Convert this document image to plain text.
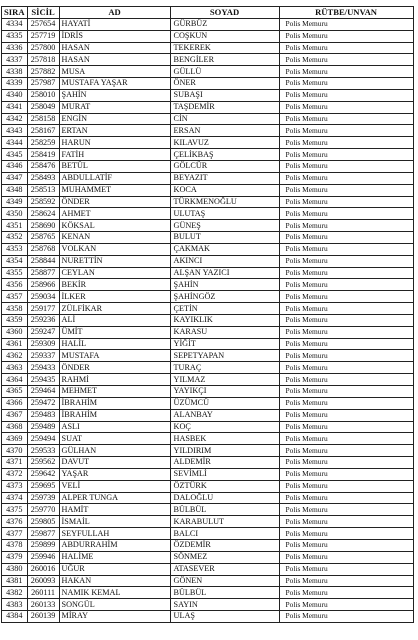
SIRA	SİCİL	AD	SOYAD	RÜTBE/UNVAN
4334	257654	HAYATİ	GÜRBÜZ	Polis Memuru
4335	257719	İDRİS	COŞKUN	Polis Memuru
4336	257800	HASAN	TEKEREK	Polis Memuru
4337	257818	HASAN	BENGİLER	Polis Memuru
4338	257882	MUSA	GÜLLÜ	Polis Memuru
4339	257987	MUSTAFA YAŞAR	ÖNER	Polis Memuru
4340	258010	ŞAHİN	SUBAŞI	Polis Memuru
4341	258049	MURAT	TAŞDEMİR	Polis Memuru
4342	258158	ENGİN	CİN	Polis Memuru
4343	258167	ERTAN	ERSAN	Polis Memuru
4344	258259	HARUN	KILAVUZ	Polis Memuru
4345	258419	FATİH	ÇELİKBAŞ	Polis Memuru
4346	258476	BETÜL	GÖLCÜR	Polis Memuru
4347	258493	ABDULLATİF	BEYAZIT	Polis Memuru
4348	258513	MUHAMMET	KOCA	Polis Memuru
4349	258592	ÖNDER	TÜRKMENOĞLU	Polis Memuru
4350	258624	AHMET	ULUTAŞ	Polis Memuru
4351	258690	KÖKSAL	GÜNEŞ	Polis Memuru
4352	258765	KENAN	BULUT	Polis Memuru
4353	258768	VOLKAN	ÇAKMAK	Polis Memuru
4354	258844	NURETTİN	AKINCI	Polis Memuru
4355	258877	CEYLAN	ALŞAN YAZICI	Polis Memuru
4356	258966	BEKİR	ŞAHİN	Polis Memuru
4357	259034	İLKER	ŞAHİNGÖZ	Polis Memuru
4358	259177	ZÜLFİKAR	ÇETİN	Polis Memuru
4359	259236	ALİ	KAYIKLIK	Polis Memuru
4360	259247	ÜMİT	KARASU	Polis Memuru
4361	259309	HALİL	YİĞİT	Polis Memuru
4362	259337	MUSTAFA	SEPETYAPAN	Polis Memuru
4363	259433	ÖNDER	TURAÇ	Polis Memuru
4364	259435	RAHMİ	YILMAZ	Polis Memuru
4365	259464	MEHMET	YAYIKÇI	Polis Memuru
4366	259472	İBRAHİM	ÜZÜMCÜ	Polis Memuru
4367	259483	İBRAHİM	ALANBAY	Polis Memuru
4368	259489	ASLI	KOÇ	Polis Memuru
4369	259494	SUAT	HASBEK	Polis Memuru
4370	259533	GÜLHAN	YILDIRIM	Polis Memuru
4371	259562	DAVUT	ALDEMİR	Polis Memuru
4372	259642	YAŞAR	SEVİMLİ	Polis Memuru
4373	259695	VELİ	ÖZTÜRK	Polis Memuru
4374	259739	ALPER TUNGA	DALOĞLU	Polis Memuru
4375	259770	HAMİT	BÜLBÜL	Polis Memuru
4376	259805	İSMAİL	KARABULUT	Polis Memuru
4377	259877	SEYFULLAH	BALCI	Polis Memuru
4378	259899	ABDURRAHİM	ÖZDEMİR	Polis Memuru
4379	259946	HALİME	SÖNMEZ	Polis Memuru
4380	260016	UĞUR	ATASEVER	Polis Memuru
4381	260093	HAKAN	GÖNEN	Polis Memuru
4382	260111	NAMIK KEMAL	BÜLBÜL	Polis Memuru
4383	260133	SONGÜL	SAYIN	Polis Memuru
4384	260139	MİRAY	ULAŞ	Polis Memuru
